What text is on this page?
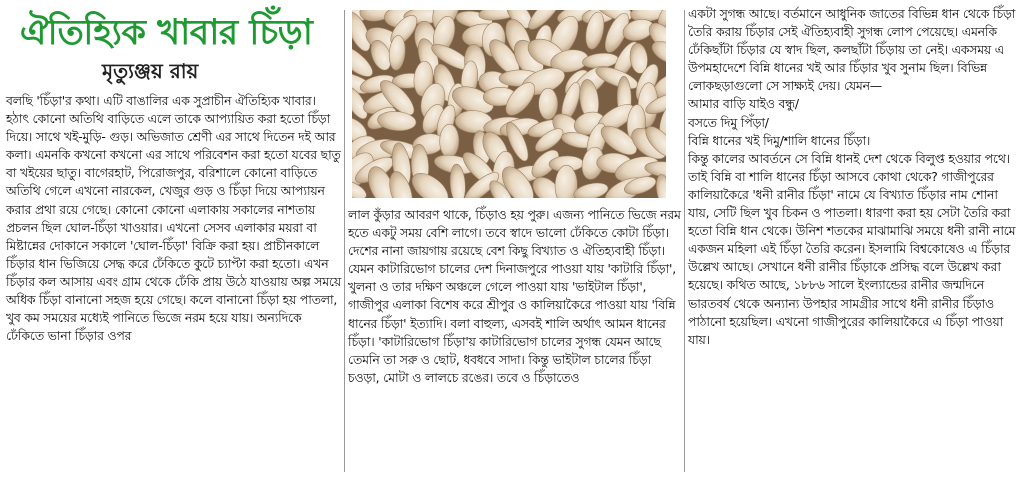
ঐতিহ্যিক খাবার চিঁড়া
মৃত্যুঞ্জয় রায়

বলছি 'চিঁড়া'র কথা। এটি বাঙালির এক সুপ্রাচীন ঐতিহ্যিক খাবার। হঠাৎ কোনো অতিথি বাড়িতে এলে তাকে আপ্যায়িত করা হতো চিঁড়া দিয়ে। সাথে খই-মুড়ি- গুড়। অভিজাত শ্রেণী এর সাথে দিতেন দই আর কলা। এমনকি কখনো কখনো এর সাথে পরিবেশন করা হতো যবের ছাতু বা খইয়ের ছাতু। বাগেরহাট, পিরোজপুর, বরিশালে কোনো বাড়িতে অতিথি গেলে এখনো নারকেল, খেজুর গুড় ও চিঁড়া দিয়ে আপ্যায়ন করার প্রথা রয়ে গেছে। কোনো কোনো এলাকায় সকালের নাশতায় প্রচলন ছিল ঘোল-চিঁড়া খাওয়ার। এখনো সেসব এলাকার ময়রা বা মিষ্টান্নের দোকানে সকালে 'ঘোল-চিঁড়া' বিক্রি করা হয়। প্রাচীনকালে চিঁড়ার ধান ভিজিয়ে সেদ্ধ করে ঢেঁকিতে কুটে চ্যাপ্টা করা হতো। এখন চিঁড়ার কল আসায় এবং গ্রাম থেকে ঢেঁকি প্রায় উঠে যাওয়ায় অল্প সময়ে অধিক চিঁড়া বানানো সহজ হয়ে গেছে। কলে বানানো চিঁড়া হয় পাতলা, খুব কম সময়ের মধ্যেই পানিতে ভিজে নরম হয়ে যায়। অন্যদিকে ঢেঁকিতে ভানা চিঁড়ার ওপর

লাল কুঁড়ার আবরণ থাকে, চিঁড়াও হয় পুরু। এজন্য পানিতে ভিজে নরম হতে একটু সময় বেশি লাগে। তবে স্বাদে ভালো ঢেঁকিতে কোটা চিঁড়া। দেশের নানা জায়গায় রয়েছে বেশ কিছু বিখ্যাত ও ঐতিহ্যবাহী চিঁড়া। যেমন কাটারিভোগ চালের দেশ দিনাজপুরে পাওয়া যায় 'কাটারি চিঁড়া', খুলনা ও তার দক্ষিণ অঞ্চলে গেলে পাওয়া যায় 'ভাইটাল চিঁড়া', গাজীপুর এলাকা বিশেষ করে শ্রীপুর ও কালিয়াকৈরে পাওয়া যায় 'বিন্নি ধানের চিঁড়া' ইত্যাদি। বলা বাহুল্য, এসবই শালি অর্থাৎ আমন ধানের চিঁড়া। 'কাটারিভোগ চিঁড়া'য় কাটারিভোগ চালের সুগন্ধ যেমন আছে তেমনি তা সরু ও ছোট, ধবধবে সাদা। কিন্তু ভাইটাল চালের চিঁড়া চওড়া, মোটা ও লালচে রঙের। তবে ও চিঁড়াতেও

একটা সুগন্ধ আছে। বর্তমানে আধুনিক জাতের বিভিন্ন ধান থেকে চিঁড়া তৈরি করায় চিঁড়ার সেই ঐতিহ্যবাহী সুগন্ধ লোপ পেয়েছে। এমনকি ঢেঁকিছাঁটা চিঁড়ার যে স্বাদ ছিল, কলছাঁটা চিঁড়ায় তা নেই। একসময় এ উপমহাদেশে বিন্নি ধানের খই আর চিঁড়ার খুব সুনাম ছিল। বিভিন্ন লোকছড়াগুলো সে সাক্ষ্যই দেয়। যেমন—
আমার বাড়ি যাইও বন্ধু/
বসতে দিমু পিঁড়া/
বিন্নি ধানের খই দিমু/শালি ধানের চিঁড়া।
কিন্তু কালের আবর্তনে সে বিন্নি ধানই দেশ থেকে বিলুপ্ত হওয়ার পথে। তাই বিন্নি বা শালি ধানের চিঁড়া আসবে কোথা থেকে? গাজীপুরের কালিয়াকৈরে 'ধনী রানীর চিঁড়া' নামে যে বিখ্যাত চিঁড়ার নাম শোনা যায়, সেটি ছিল খুব চিকন ও পাতলা। ধারণা করা হয় সেটা তৈরি করা হতো বিন্নি ধান থেকে। উনিশ শতকের মাঝামাঝি সময়ে ধনী রানী নামে একজন মহিলা এই চিঁড়া তৈরি করেন। ইসলামি বিশ্বকোষেও এ চিঁড়ার উল্লেখ আছে। সেখানে ধনী রানীর চিঁড়াকে প্রসিদ্ধ বলে উল্লেখ করা হয়েছে। কথিত আছে, ১৮৮৬ সালে ইংল্যান্ডের রানীর জন্মদিনে ভারতবর্ষ থেকে অন্যান্য উপহার সামগ্রীর সাথে ধনী রানীর চিঁড়াও পাঠানো হয়েছিল। এখনো গাজীপুরের কালিয়াকৈরে এ চিঁড়া পাওয়া যায়।
